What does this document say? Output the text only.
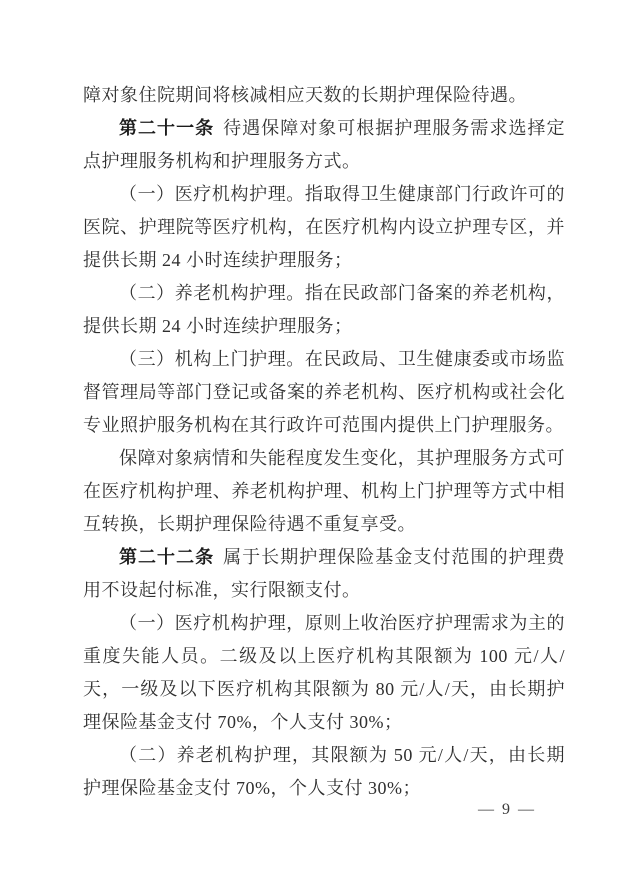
障对象住院期间将核减相应天数的长期护理保险待遇。

第二十一条 待遇保障对象可根据护理服务需求选择定点护理服务机构和护理服务方式。

（一）医疗机构护理。指取得卫生健康部门行政许可的医院、护理院等医疗机构，在医疗机构内设立护理专区，并提供长期 24 小时连续护理服务；

（二）养老机构护理。指在民政部门备案的养老机构，提供长期 24 小时连续护理服务；

（三）机构上门护理。在民政局、卫生健康委或市场监督管理局等部门登记或备案的养老机构、医疗机构或社会化专业照护服务机构在其行政许可范围内提供上门护理服务。

保障对象病情和失能程度发生变化，其护理服务方式可在医疗机构护理、养老机构护理、机构上门护理等方式中相互转换，长期护理保险待遇不重复享受。

第二十二条 属于长期护理保险基金支付范围的护理费用不设起付标准，实行限额支付。

（一）医疗机构护理，原则上收治医疗护理需求为主的重度失能人员。二级及以上医疗机构其限额为 100 元/人/天，一级及以下医疗机构其限额为 80 元/人/天，由长期护理保险基金支付 70%，个人支付 30%；

（二）养老机构护理，其限额为 50 元/人/天，由长期护理保险基金支付 70%，个人支付 30%；

— 9 —
